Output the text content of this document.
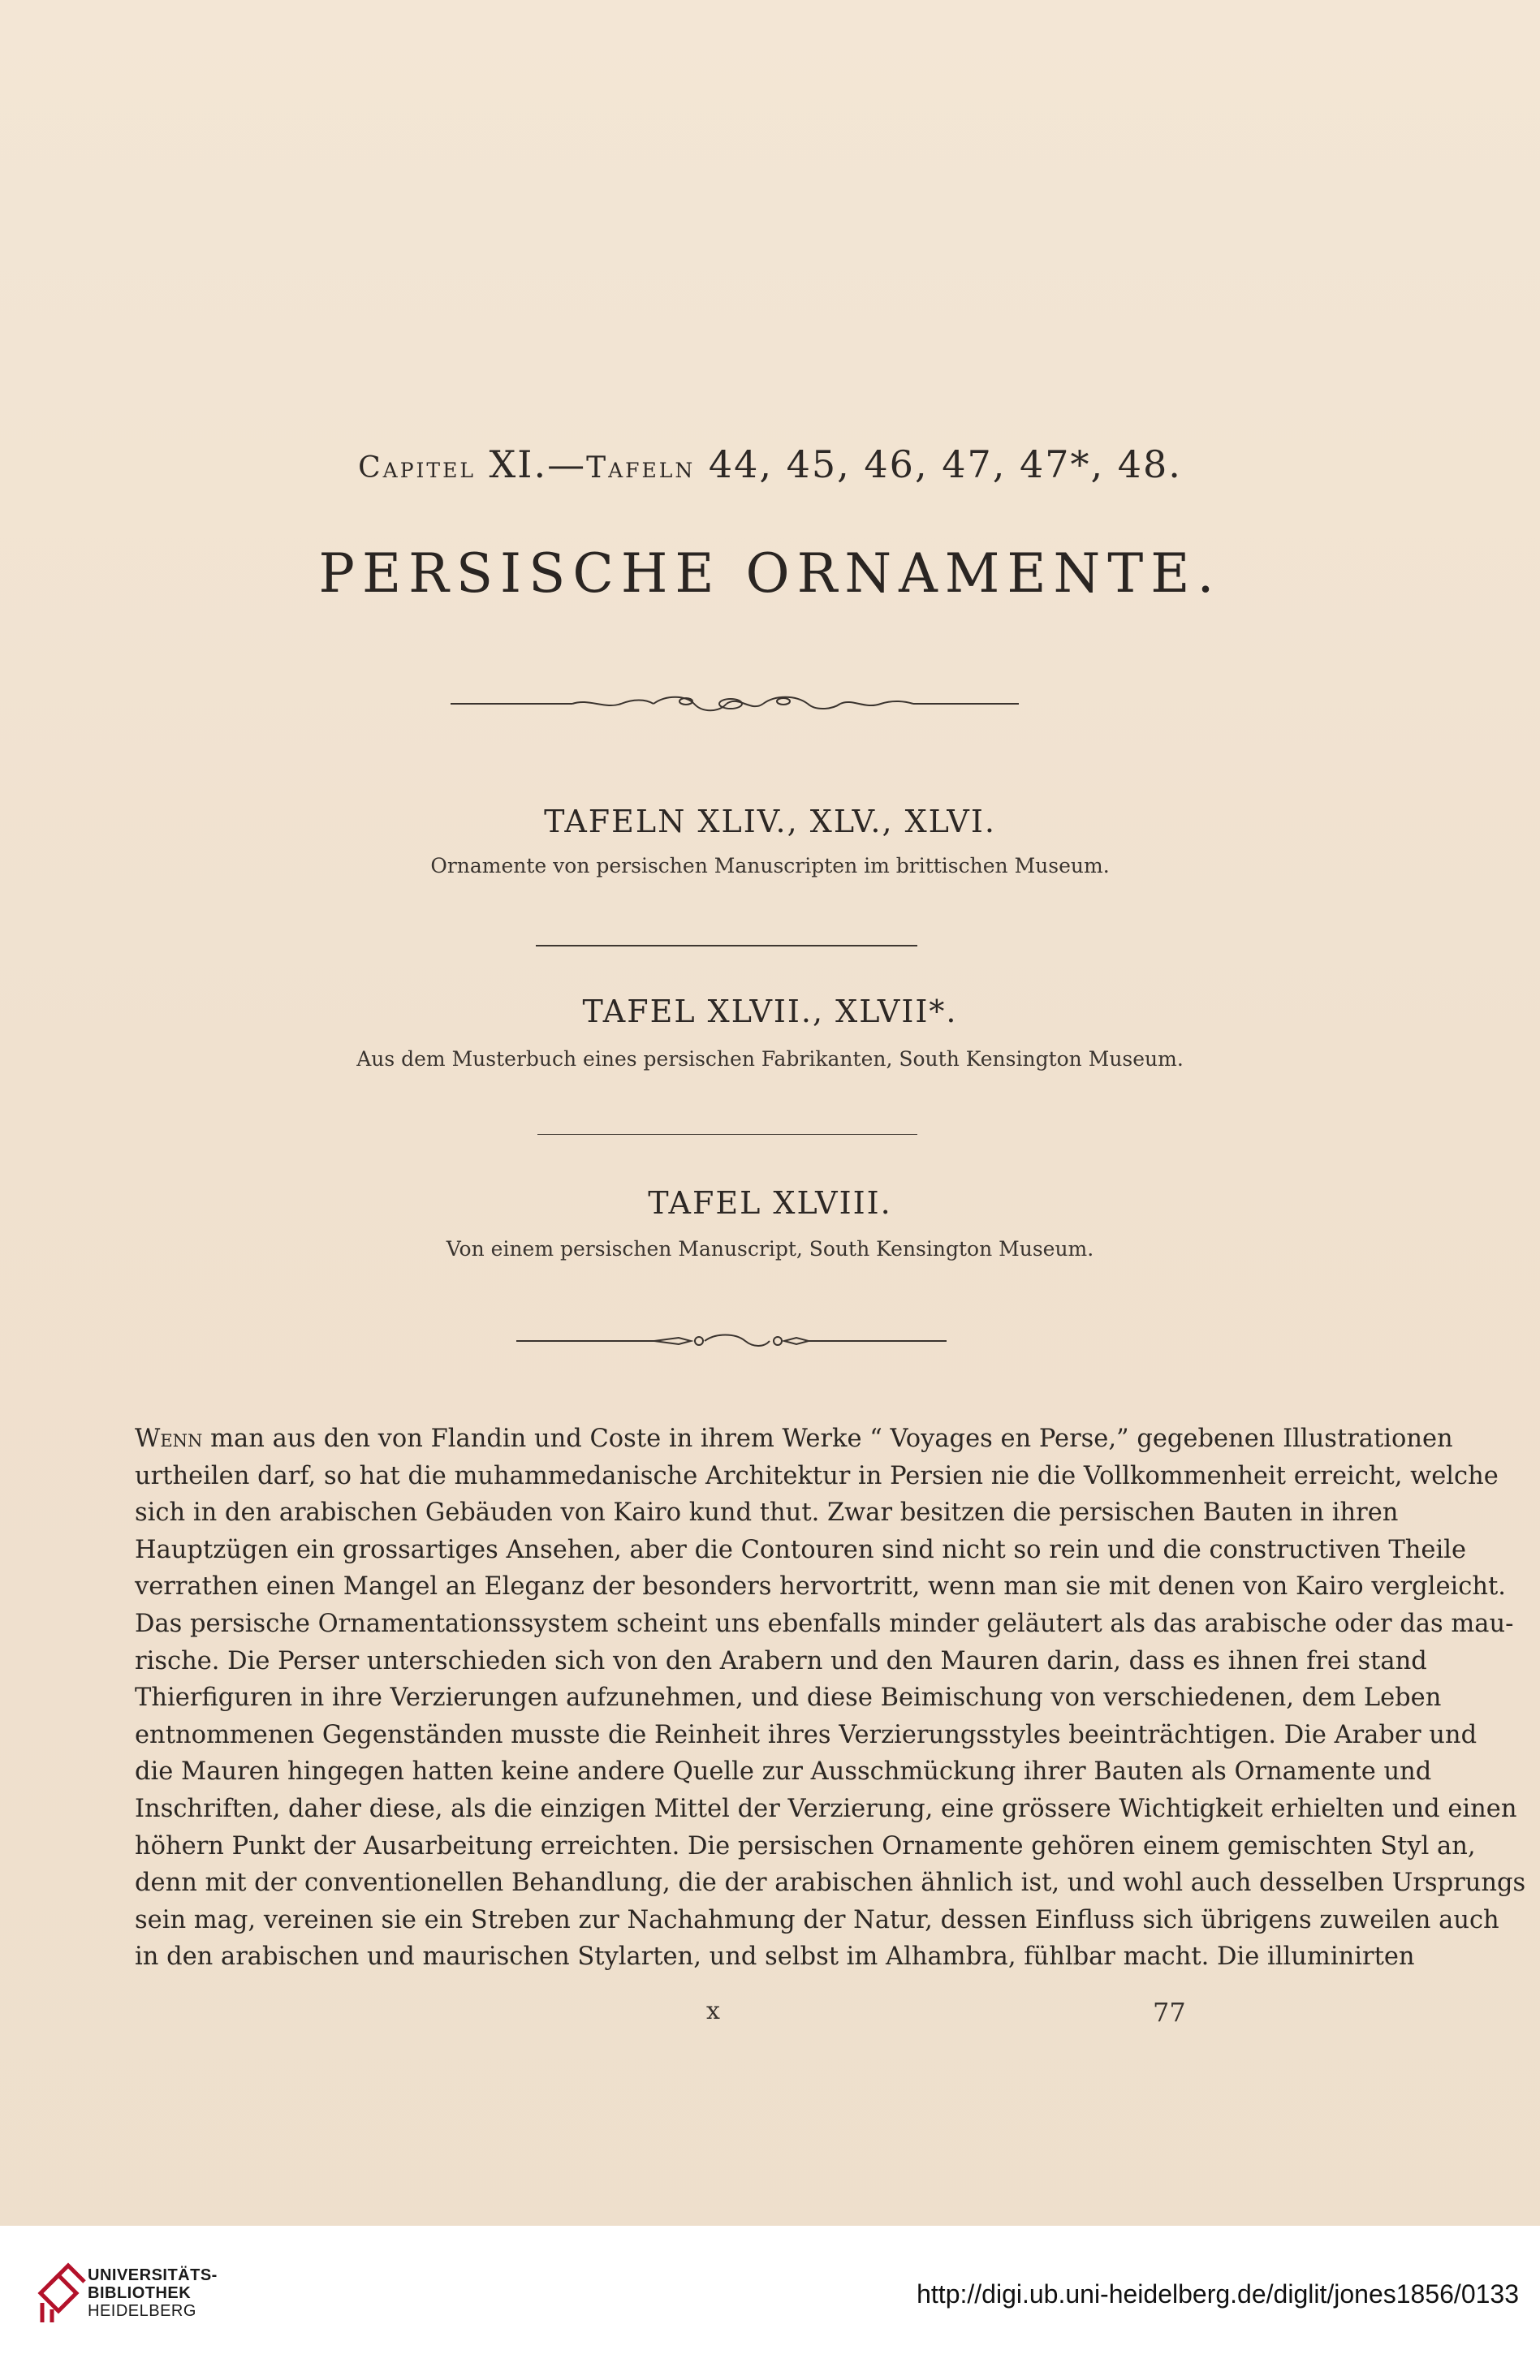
Capitel XI.—Tafeln 44, 45, 46, 47, 47*, 48.
PERSISCHE ORNAMENTE.
TAFELN XLIV., XLV., XLVI.
Ornamente von persischen Manuscripten im brittischen Museum.
TAFEL XLVII., XLVII*.
Aus dem Musterbuch eines persischen Fabrikanten, South Kensington Museum.
TAFEL XLVIII.
Von einem persischen Manuscript, South Kensington Museum.
Wenn man aus den von Flandin und Coste in ihrem Werke “ Voyages en Perse,” gegebenen Illustrationen
urtheilen darf, so hat die muhammedanische Architektur in Persien nie die Vollkommenheit erreicht, welche
sich in den arabischen Gebäuden von Kairo kund thut. Zwar besitzen die persischen Bauten in ihren
Hauptzügen ein grossartiges Ansehen, aber die Contouren sind nicht so rein und die constructiven Theile
verrathen einen Mangel an Eleganz der besonders hervortritt, wenn man sie mit denen von Kairo vergleicht.
Das persische Ornamentationssystem scheint uns ebenfalls minder geläutert als das arabische oder das mau-
rische. Die Perser unterschieden sich von den Arabern und den Mauren darin, dass es ihnen frei stand
Thierfiguren in ihre Verzierungen aufzunehmen, und diese Beimischung von verschiedenen, dem Leben
entnommenen Gegenständen musste die Reinheit ihres Verzierungsstyles beeinträchtigen. Die Araber und
die Mauren hingegen hatten keine andere Quelle zur Ausschmückung ihrer Bauten als Ornamente und
Inschriften, daher diese, als die einzigen Mittel der Verzierung, eine grössere Wichtigkeit erhielten und einen
höhern Punkt der Ausarbeitung erreichten. Die persischen Ornamente gehören einem gemischten Styl an,
denn mit der conventionellen Behandlung, die der arabischen ähnlich ist, und wohl auch desselben Ursprungs
sein mag, vereinen sie ein Streben zur Nachahmung der Natur, dessen Einfluss sich übrigens zuweilen auch
in den arabischen und maurischen Stylarten, und selbst im Alhambra, fühlbar macht. Die illuminirten
x	77
UNIVERSITÄTS-
BIBLIOTHEK
HEIDELBERG
http://digi.ub.uni-heidelberg.de/diglit/jones1856/0133
